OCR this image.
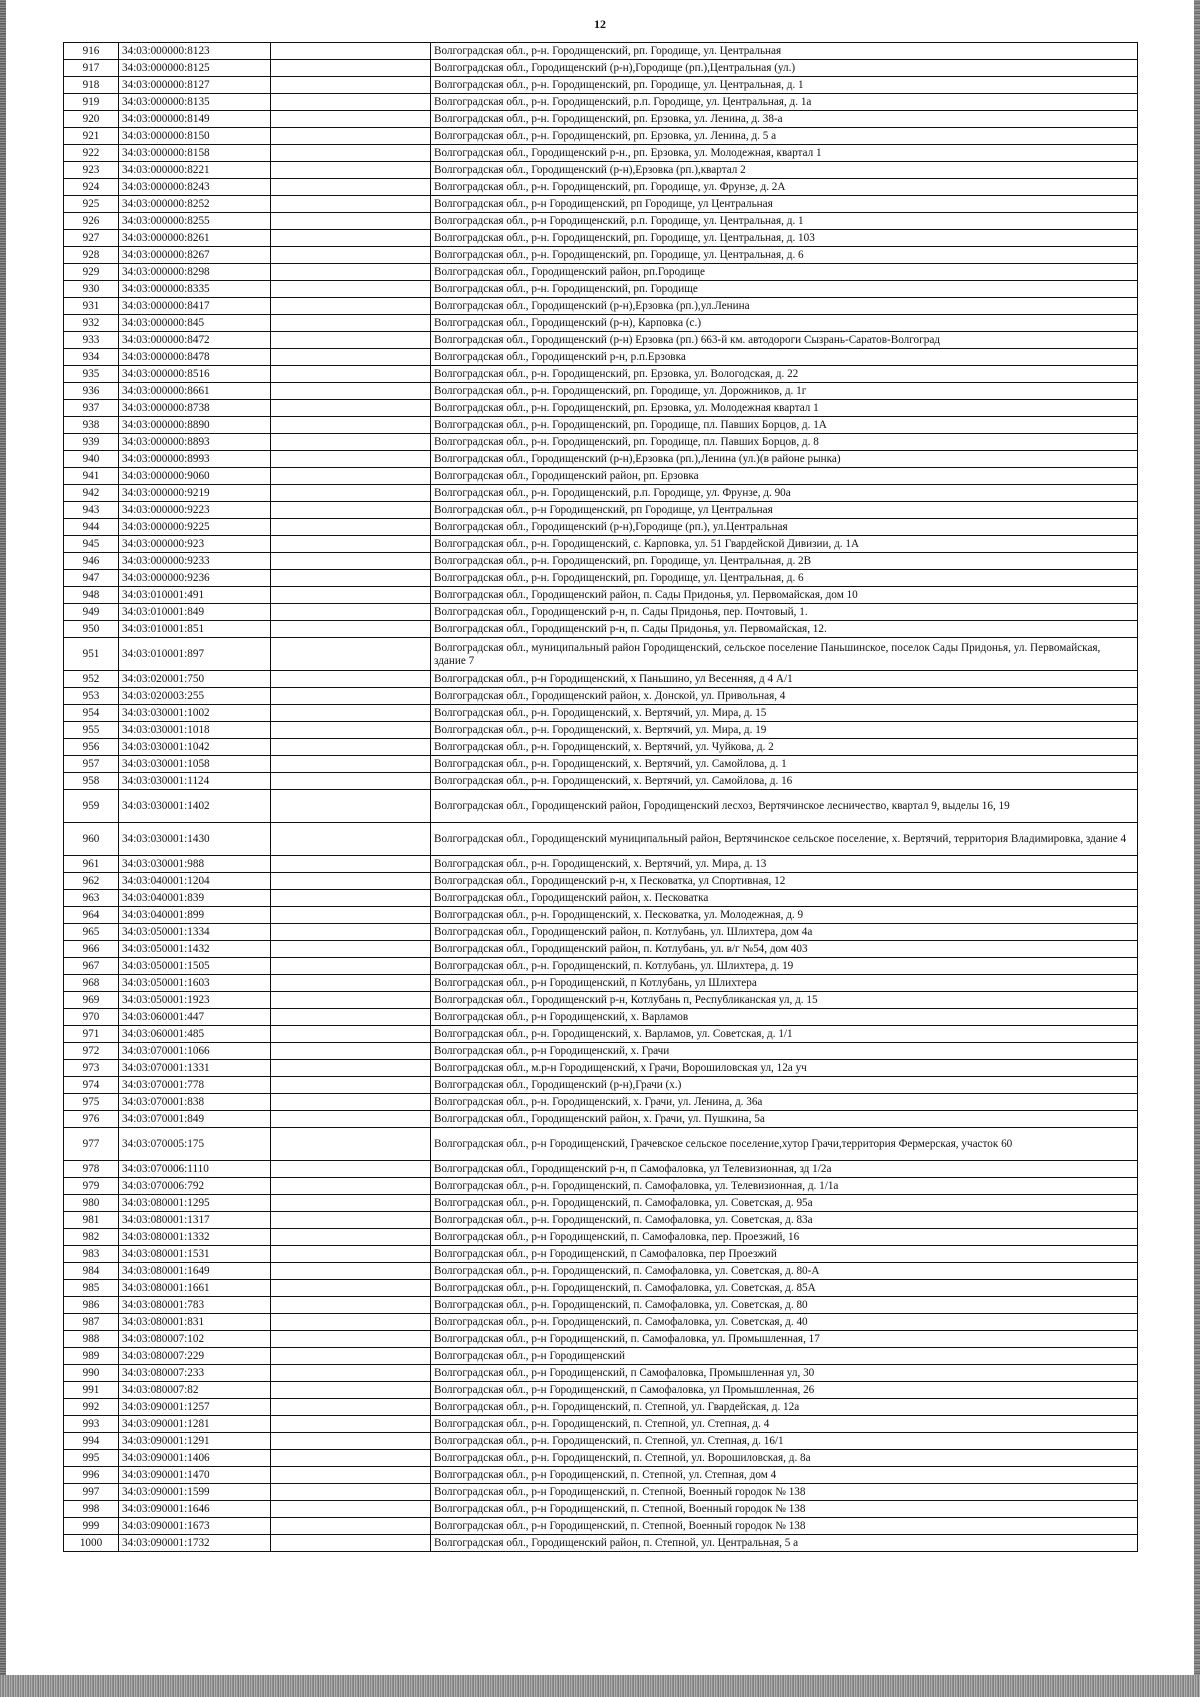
12
916	34:03:000000:8123		Волгоградская обл., р-н. Городищенский, рп. Городище, ул. Центральная
917	34:03:000000:8125		Волгоградская обл., Городищенский (р-н),Городище (рп.),Центральная (ул.)
918	34:03:000000:8127		Волгоградская обл., р-н. Городищенский, рп. Городище, ул. Центральная, д. 1
919	34:03:000000:8135		Волгоградская обл., р-н. Городищенский, р.п. Городище, ул. Центральная, д. 1а
920	34:03:000000:8149		Волгоградская обл., р-н. Городищенский, рп. Ерзовка, ул. Ленина, д. 38-а
921	34:03:000000:8150		Волгоградская обл., р-н. Городищенский, рп. Ерзовка, ул. Ленина, д. 5 а
922	34:03:000000:8158		Волгоградская обл., Городищенский р-н., рп. Ерзовка, ул. Молодежная, квартал 1
923	34:03:000000:8221		Волгоградская обл., Городищенский (р-н),Ерзовка (рп.),квартал 2
924	34:03:000000:8243		Волгоградская обл., р-н. Городищенский, рп. Городище, ул. Фрунзе, д. 2А
925	34:03:000000:8252		Волгоградская обл., р-н Городищенский, рп Городище, ул Центральная
926	34:03:000000:8255		Волгоградская обл., р-н Городищенский, р.п. Городище, ул. Центральная, д. 1
927	34:03:000000:8261		Волгоградская обл., р-н. Городищенский, рп. Городище, ул. Центральная, д. 103
928	34:03:000000:8267		Волгоградская обл., р-н. Городищенский, рп. Городище, ул. Центральная, д. 6
929	34:03:000000:8298		Волгоградская обл., Городищенский район, рп.Городище
930	34:03:000000:8335		Волгоградская обл., р-н. Городищенский, рп. Городище
931	34:03:000000:8417		Волгоградская обл., Городищенский (р-н),Ерзовка (рп.),ул.Ленина
932	34:03:000000:845		Волгоградская обл., Городищенский (р-н), Карповка (с.)
933	34:03:000000:8472		Волгоградская обл., Городищенский (р-н) Ерзовка (рп.) 663-й км. автодороги Сызрань-Саратов-Волгоград
934	34:03:000000:8478		Волгоградская обл., Городищенский р-н, р.п.Ерзовка
935	34:03:000000:8516		Волгоградская обл., р-н. Городищенский, рп. Ерзовка, ул. Вологодская, д. 22
936	34:03:000000:8661		Волгоградская обл., р-н. Городищенский, рп. Городище, ул. Дорожников, д. 1г
937	34:03:000000:8738		Волгоградская обл., р-н. Городищенский, рп. Ерзовка, ул. Молодежная квартал 1
938	34:03:000000:8890		Волгоградская обл., р-н. Городищенский, рп. Городище, пл. Павших Борцов, д. 1А
939	34:03:000000:8893		Волгоградская обл., р-н. Городищенский, рп. Городище, пл. Павших Борцов, д. 8
940	34:03:000000:8993		Волгоградская обл., Городищенский (р-н),Ерзовка (рп.),Ленина (ул.)(в районе рынка)
941	34:03:000000:9060		Волгоградская обл., Городищенский район, рп. Ерзовка
942	34:03:000000:9219		Волгоградская обл., р-н. Городищенский, р.п. Городище, ул. Фрунзе, д. 90а
943	34:03:000000:9223		Волгоградская обл., р-н Городищенский, рп Городище, ул Центральная
944	34:03:000000:9225		Волгоградская обл., Городищенский (р-н),Городище (рп.), ул.Центральная
945	34:03:000000:923		Волгоградская обл., р-н. Городищенский, с. Карповка, ул. 51 Гвардейской Дивизии, д. 1А
946	34:03:000000:9233		Волгоградская обл., р-н. Городищенский, рп. Городище, ул. Центральная, д. 2В
947	34:03:000000:9236		Волгоградская обл., р-н. Городищенский, рп. Городище, ул. Центральная, д. 6
948	34:03:010001:491		Волгоградская обл., Городищенский район, п. Сады Придонья, ул. Первомайская, дом 10
949	34:03:010001:849		Волгоградская обл., Городищенский р-н, п. Сады Придонья, пер. Почтовый, 1.
950	34:03:010001:851		Волгоградская обл., Городищенский р-н, п. Сады Придонья, ул. Первомайская, 12.
951	34:03:010001:897		Волгоградская обл., муниципальный район Городищенский, сельское поселение Паньшинское, поселок Сады Придонья, ул. Первомайская, здание 7
952	34:03:020001:750		Волгоградская обл., р-н Городищенский, х Паньшино, ул Весенняя, д 4 А/1
953	34:03:020003:255		Волгоградская обл., Городищенский район, х. Донской, ул. Привольная, 4
954	34:03:030001:1002		Волгоградская обл., р-н. Городищенский, х. Вертячий, ул. Мира, д. 15
955	34:03:030001:1018		Волгоградская обл., р-н. Городищенский, х. Вертячий, ул. Мира, д. 19
956	34:03:030001:1042		Волгоградская обл., р-н. Городищенский, х. Вертячий, ул. Чуйкова, д. 2
957	34:03:030001:1058		Волгоградская обл., р-н. Городищенский, х. Вертячий, ул. Самойлова, д. 1
958	34:03:030001:1124		Волгоградская обл., р-н. Городищенский, х. Вертячий, ул. Самойлова, д. 16
959	34:03:030001:1402		Волгоградская обл., Городищенский район, Городищенский лесхоз, Вертячинское лесничество, квартал 9, выделы 16, 19
960	34:03:030001:1430		Волгоградская обл., Городищенский муниципальный район, Вертячинское сельское поселение, х. Вертячий, территория Владимировка, здание 4
961	34:03:030001:988		Волгоградская обл., р-н. Городищенский, х. Вертячий, ул. Мира, д. 13
962	34:03:040001:1204		Волгоградская обл., Городищенский р-н, х Песковатка, ул Спортивная, 12
963	34:03:040001:839		Волгоградская обл., Городищенский район, х. Песковатка
964	34:03:040001:899		Волгоградская обл., р-н. Городищенский, х. Песковатка, ул. Молодежная, д. 9
965	34:03:050001:1334		Волгоградская обл., Городищенский район, п. Котлубань, ул. Шлихтера, дом 4а
966	34:03:050001:1432		Волгоградская обл., Городищенский район, п. Котлубань, ул. в/г №54, дом 403
967	34:03:050001:1505		Волгоградская обл., р-н. Городищенский, п. Котлубань, ул. Шлихтера, д. 19
968	34:03:050001:1603		Волгоградская обл., р-н Городищенский, п Котлубань, ул Шлихтера
969	34:03:050001:1923		Волгоградская обл., Городищенский р-н, Котлубань п, Республиканская ул, д. 15
970	34:03:060001:447		Волгоградская обл., р-н Городищенский, х. Варламов
971	34:03:060001:485		Волгоградская обл., р-н. Городищенский, х. Варламов, ул. Советская, д. 1/1
972	34:03:070001:1066		Волгоградская обл., р-н Городищенский, х. Грачи
973	34:03:070001:1331		Волгоградская обл., м.р-н Городищенский, х Грачи, Ворошиловская ул, 12а уч
974	34:03:070001:778		Волгоградская обл., Городищенский (р-н),Грачи (х.)
975	34:03:070001:838		Волгоградская обл., р-н. Городищенский, х. Грачи, ул. Ленина, д. 36а
976	34:03:070001:849		Волгоградская обл., Городищенский район, х. Грачи, ул. Пушкина, 5а
977	34:03:070005:175		Волгоградская обл., р-н Городищенский, Грачевское сельское поселение,хутор Грачи,территория Фермерская, участок 60
978	34:03:070006:1110		Волгоградская обл., Городищенский р-н, п Самофаловка, ул Телевизионная, зд 1/2а
979	34:03:070006:792		Волгоградская обл., р-н. Городищенский, п. Самофаловка, ул. Телевизионная, д. 1/1а
980	34:03:080001:1295		Волгоградская обл., р-н. Городищенский, п. Самофаловка, ул. Советская, д. 95а
981	34:03:080001:1317		Волгоградская обл., р-н. Городищенский, п. Самофаловка, ул. Советская, д. 83а
982	34:03:080001:1332		Волгоградская обл., р-н Городищенский, п. Самофаловка, пер. Проезжий, 16
983	34:03:080001:1531		Волгоградская обл., р-н Городищенский, п Самофаловка, пер Проезжий
984	34:03:080001:1649		Волгоградская обл., р-н. Городищенский, п. Самофаловка, ул. Советская, д. 80-А
985	34:03:080001:1661		Волгоградская обл., р-н. Городищенский, п. Самофаловка, ул. Советская, д. 85А
986	34:03:080001:783		Волгоградская обл., р-н. Городищенский, п. Самофаловка, ул. Советская, д. 80
987	34:03:080001:831		Волгоградская обл., р-н. Городищенский, п. Самофаловка, ул. Советская, д. 40
988	34:03:080007:102		Волгоградская обл., р-н Городищенский, п. Самофаловка, ул. Промышленная, 17
989	34:03:080007:229		Волгоградская обл., р-н Городищенский
990	34:03:080007:233		Волгоградская обл., р-н Городищенский, п Самофаловка, Промышленная ул, 30
991	34:03:080007:82		Волгоградская обл., р-н Городищенский, п Самофаловка, ул Промышленная, 26
992	34:03:090001:1257		Волгоградская обл., р-н. Городищенский, п. Степной, ул. Гвардейская, д. 12а
993	34:03:090001:1281		Волгоградская обл., р-н. Городищенский, п. Степной, ул. Степная, д. 4
994	34:03:090001:1291		Волгоградская обл., р-н. Городищенский, п. Степной, ул. Степная, д. 16/1
995	34:03:090001:1406		Волгоградская обл., р-н. Городищенский, п. Степной, ул. Ворошиловская, д. 8а
996	34:03:090001:1470		Волгоградская обл., р-н Городищенский, п. Степной, ул. Степная, дом 4
997	34:03:090001:1599		Волгоградская обл., р-н Городищенский, п. Степной, Военный городок № 138
998	34:03:090001:1646		Волгоградская обл., р-н Городищенский, п. Степной, Военный городок № 138
999	34:03:090001:1673		Волгоградская обл., р-н Городищенский, п. Степной, Военный городок № 138
1000	34:03:090001:1732		Волгоградская обл., Городищенский район, п. Степной, ул. Центральная, 5 а
